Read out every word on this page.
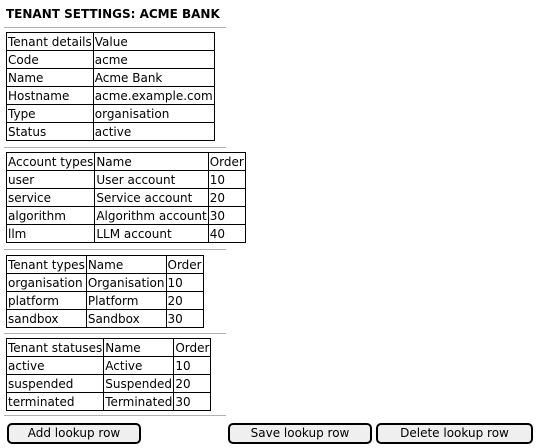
TENANT SETTINGS: ACME BANK
Tenant details	Value
Code	acme
Name	Acme Bank
Hostname	acme.example.com
Type	organisation
Status	active
Account types	Name	Order
user	User account	10
service	Service account	20
algorithm	Algorithm account	30
llm	LLM account	40
Tenant types	Name	Order
organisation	Organisation	10
platform	Platform	20
sandbox	Sandbox	30
Tenant statuses	Name	Order
active	Active	10
suspended	Suspended	20
terminated	Terminated	30
Add lookup row	Save lookup row	Delete lookup row
